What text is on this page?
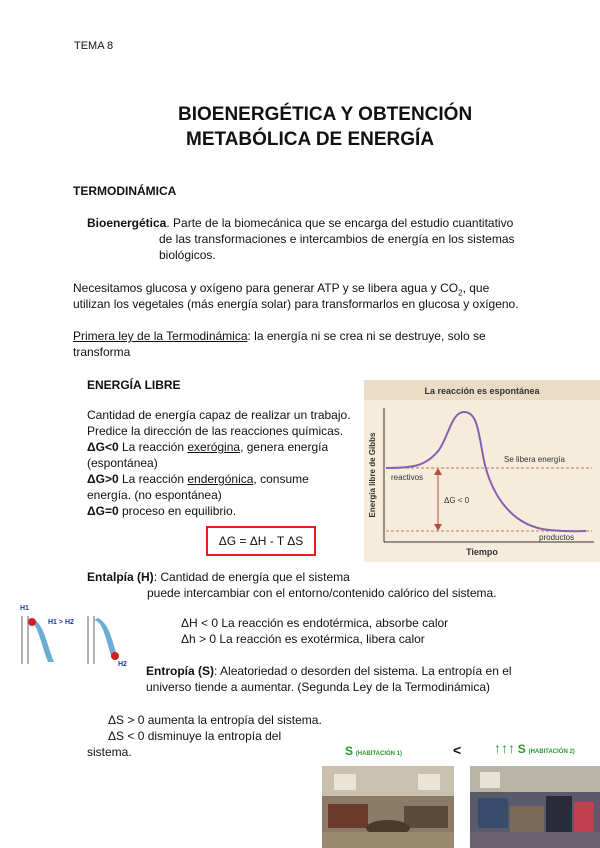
TEMA 8
BIOENERGÉTICA Y OBTENCIÓN
METABÓLICA DE ENERGÍA
TERMODINÁMICA
Bioenergética. Parte de la biomecánica que se encarga del estudio cuantitativo
de las transformaciones e intercambios de energía en los sistemas
biológicos.
Necesitamos glucosa y oxígeno para generar ATP y se libera agua y $CO_2$, que
utilizan los vegetales (más energía solar) para transformarlos en glucosa y oxígeno.
Primera ley de la Termodinámica: la energía ni se crea ni se destruye, solo se
transforma
ENERGÍA LIBRE
Cantidad de energía capaz de realizar un trabajo.
Predice la dirección de las reacciones químicas.
ΔG<0 La reacción exerógina, genera energía
(espontánea)
ΔG>0 La reacción endergónica, consume
energía. (no espontánea)
ΔG=0 proceso en equilibrio.
ΔG = ΔH - T ΔS
La reacción es espontánea
Energía libre de Gibbs
Tiempo
ΔG < 0
reactivos
Se libera energía
productos
Entalpía (H): Cantidad de energía que el sistema
puede intercambiar con el entorno/contenido calórico del sistema.
ΔH < 0 La reacción es endotérmica, absorbe calor
Δh > 0 La reacción es exotérmica, libera calor
H1
H2
H1 > H2
Entropía (S): Aleatoriedad o desorden del sistema. La entropía en el
universo tiende a aumentar. (Segunda Ley de la Termodinámica)
ΔS > 0 aumenta la entropía del sistema.
ΔS < 0 disminuye la entropía del
sistema.	S (HABITACIÓN 1)	< ↑↑↑ S (HABITACIÓN 2)
